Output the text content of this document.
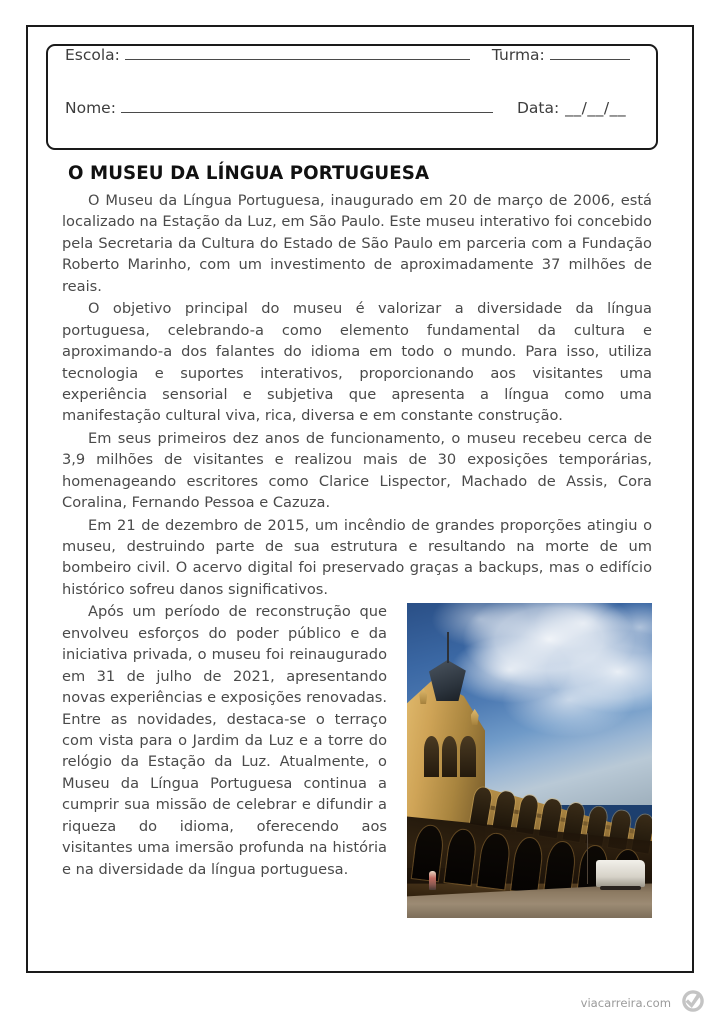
Escola:	Turma:
Nome:	Data: __/__/__
O MUSEU DA LÍNGUA PORTUGUESA

O Museu da Língua Portuguesa, inaugurado em 20 de março de 2006, está localizado na Estação da Luz, em São Paulo. Este museu interativo foi concebido pela Secretaria da Cultura do Estado de São Paulo em parceria com a Fundação Roberto Marinho, com um investimento de aproximadamente 37 milhões de reais.

O objetivo principal do museu é valorizar a diversidade da língua portuguesa, celebrando-a como elemento fundamental da cultura e aproximando-a dos falantes do idioma em todo o mundo. Para isso, utiliza tecnologia e suportes interativos, proporcionando aos visitantes uma experiência sensorial e subjetiva que apresenta a língua como uma manifestação cultural viva, rica, diversa e em constante construção.

Em seus primeiros dez anos de funcionamento, o museu recebeu cerca de 3,9 milhões de visitantes e realizou mais de 30 exposições temporárias, homenageando escritores como Clarice Lispector, Machado de Assis, Cora Coralina, Fernando Pessoa e Cazuza.

Em 21 de dezembro de 2015, um incêndio de grandes proporções atingiu o museu, destruindo parte de sua estrutura e resultando na morte de um bombeiro civil. O acervo digital foi preservado graças a backups, mas o edifício histórico sofreu danos significativos.

Após um período de reconstrução que envolveu esforços do poder público e da iniciativa privada, o museu foi reinaugurado em 31 de julho de 2021, apresentando novas experiências e exposições renovadas. Entre as novidades, destaca-se o terraço com vista para o Jardim da Luz e a torre do relógio da Estação da Luz. Atualmente, o Museu da Língua Portuguesa continua a cumprir sua missão de celebrar e difundir a riqueza do idioma, oferecendo aos visitantes uma imersão profunda na história e na diversidade da língua portuguesa.

viacarreira.com
